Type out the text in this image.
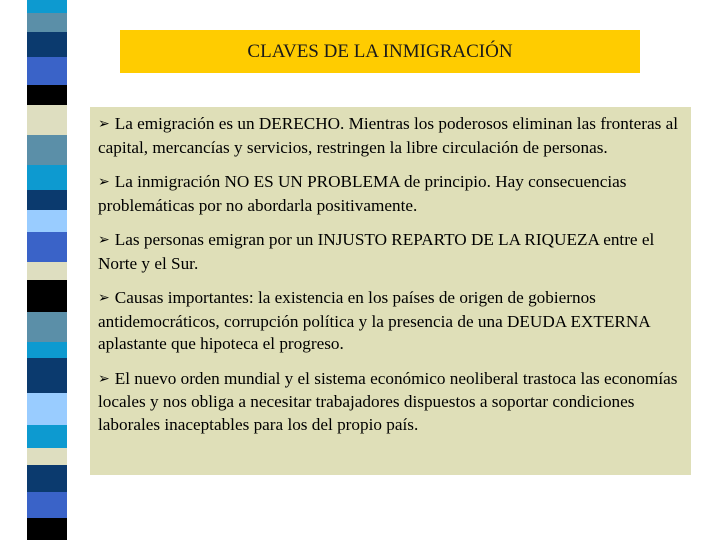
CLAVES DE LA INMIGRACIÓN

➢ La emigración es un DERECHO. Mientras los poderosos eliminan las fronteras al capital, mercancías y servicios, restringen la libre circulación de personas.

➢ La inmigración NO ES UN PROBLEMA de principio. Hay consecuencias problemáticas por no abordarla positivamente.

➢ Las personas emigran por un INJUSTO REPARTO DE LA RIQUEZA entre el Norte y el Sur.

➢ Causas importantes: la existencia en los países de origen de gobiernos antidemocráticos, corrupción política y la presencia de una DEUDA EXTERNA aplastante que hipoteca el progreso.

➢ El nuevo orden mundial y el sistema económico neoliberal trastoca las economías locales y nos obliga a necesitar trabajadores dispuestos a soportar condiciones laborales inaceptables para los del propio país.
